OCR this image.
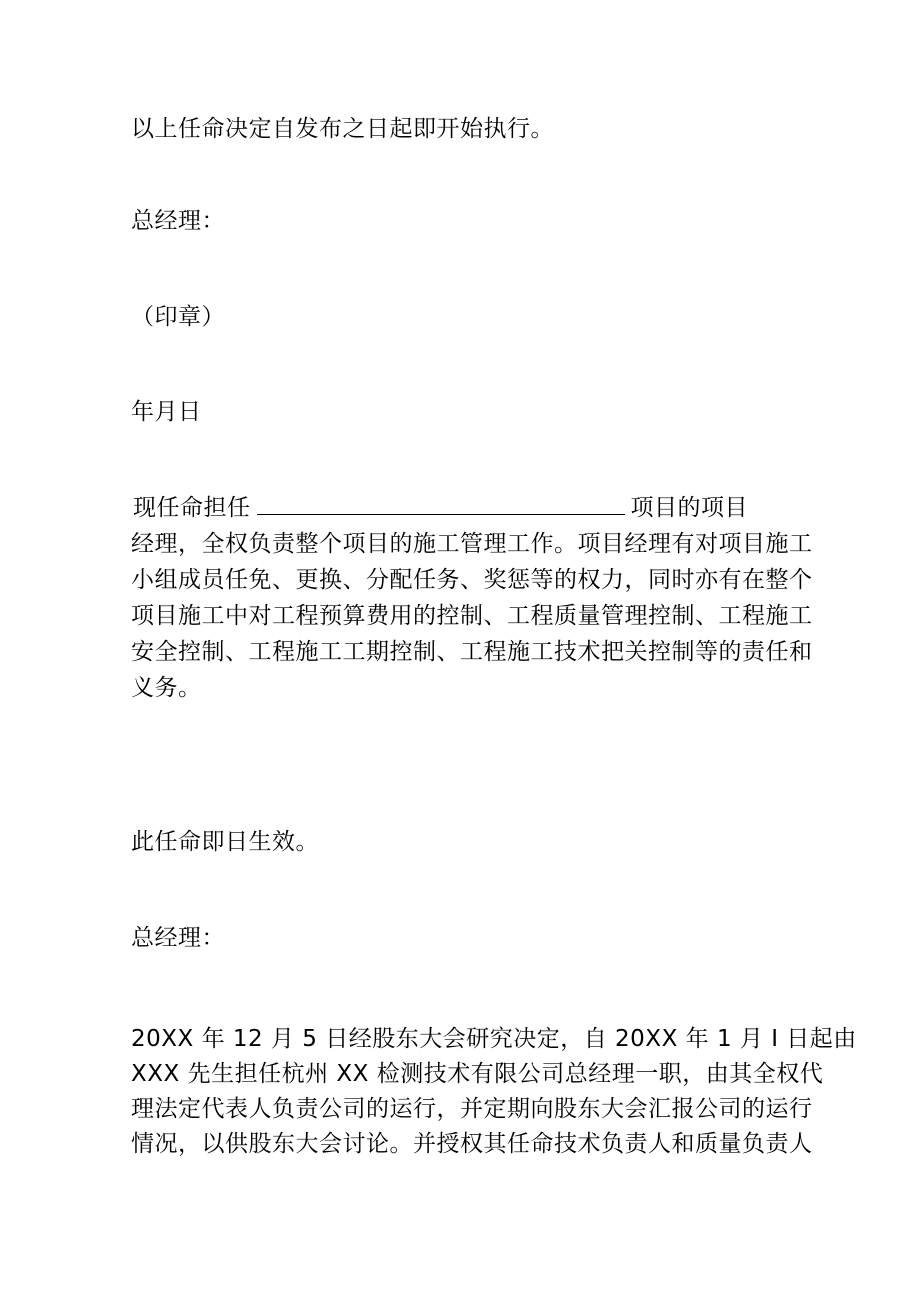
以上任命决定自发布之日起即开始执行。
总经理：
（印章）
年月日
现任命担任	项目的项目
经理，全权负责整个项目的施工管理工作。项目经理有对项目施工
小组成员任免、更换、分配任务、奖惩等的权力，同时亦有在整个
项目施工中对工程预算费用的控制、工程质量管理控制、工程施工
安全控制、工程施工工期控制、工程施工技术把关控制等的责任和
义务。
此任命即日生效。
总经理：
20XX 年 12 月 5 日经股东大会研究决定，自 20XX 年 1 月 I 日起由
XXX 先生担任杭州 XX 检测技术有限公司总经理一职，由其全权代
理法定代表人负责公司的运行，并定期向股东大会汇报公司的运行
情况，以供股东大会讨论。并授权其任命技术负责人和质量负责人
